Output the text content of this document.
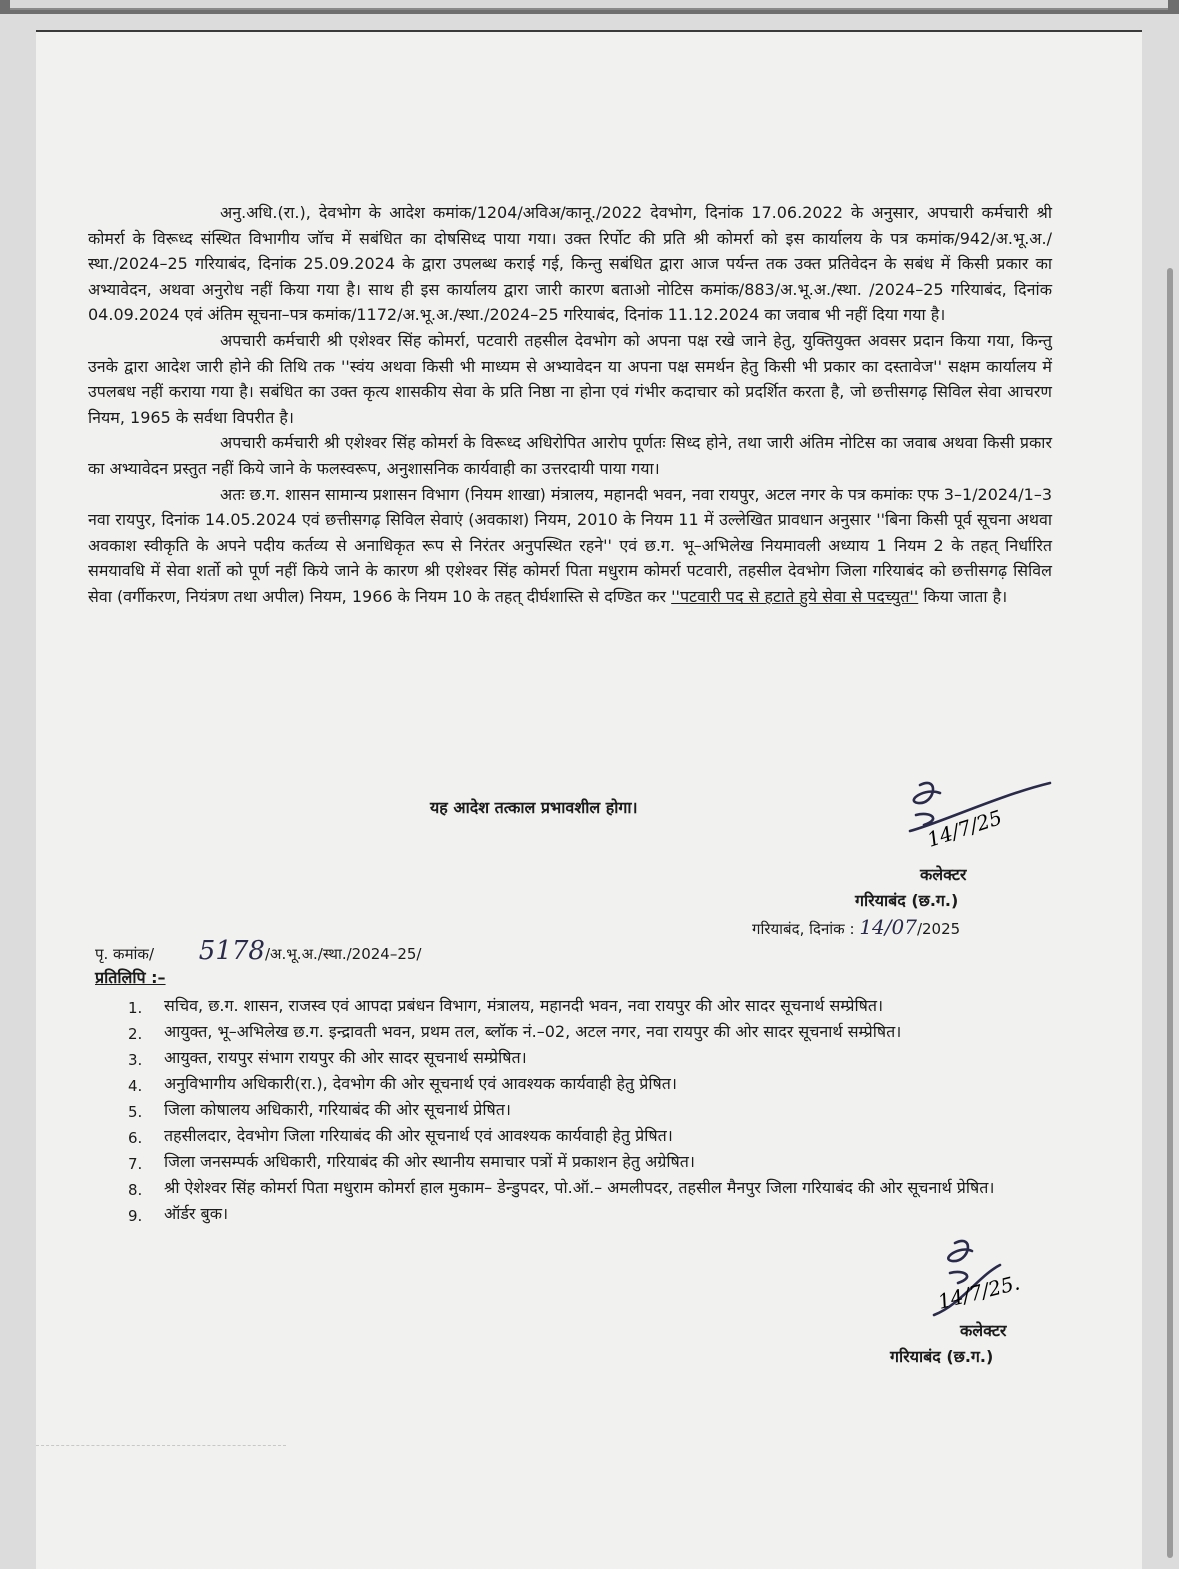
अनु.अधि.(रा.), देवभोग के आदेश कमांक/1204/अविअ/कानू./2022 देवभोग, दिनांक 17.06.2022 के अनुसार, अपचारी कर्मचारी श्री कोमर्रा के विरूध्द संस्थित विभागीय जॉच में सबंधित का दोषसिध्द पाया गया। उक्त रिर्पोट की प्रति श्री कोमर्रा को इस कार्यालय के पत्र कमांक/942/अ.भू.अ./स्था./2024–25 गरियाबंद, दिनांक 25.09.2024 के द्वारा उपलब्ध कराई गई, किन्तु सबंधित द्वारा आज पर्यन्त तक उक्त प्रतिवेदन के सबंध में किसी प्रकार का अभ्यावेदन, अथवा अनुरोध नहीं किया गया है। साथ ही इस कार्यालय द्वारा जारी कारण बताओ नोटिस कमांक/883/अ.भू.अ./स्था. /2024–25 गरियाबंद, दिनांक 04.09.2024 एवं अंतिम सूचना–पत्र कमांक/1172/अ.भू.अ./स्था./2024–25 गरियाबंद, दिनांक 11.12.2024 का जवाब भी नहीं दिया गया है।

अपचारी कर्मचारी श्री एशेश्वर सिंह कोमर्रा, पटवारी तहसील देवभोग को अपना पक्ष रखे जाने हेतु, युक्तियुक्त अवसर प्रदान किया गया, किन्तु उनके द्वारा आदेश जारी होने की तिथि तक ''स्वंय अथवा किसी भी माध्यम से अभ्यावेदन या अपना पक्ष समर्थन हेतु किसी भी प्रकार का दस्तावेज'' सक्षम कार्यालय में उपलबध नहीं कराया गया है। सबंधित का उक्त कृत्य शासकीय सेवा के प्रति निष्ठा ना होना एवं गंभीर कदाचार को प्रदर्शित करता है, जो छत्तीसगढ़ सिविल सेवा आचरण नियम, 1965 के सर्वथा विपरीत है।

अपचारी कर्मचारी श्री एशेश्वर सिंह कोमर्रा के विरूध्द अधिरोपित आरोप पूर्णतः सिध्द होने, तथा जारी अंतिम नोटिस का जवाब अथवा किसी प्रकार का अभ्यावेदन प्रस्तुत नहीं किये जाने के फलस्वरूप, अनुशासनिक कार्यवाही का उत्तरदायी पाया गया।

अतः छ.ग. शासन सामान्य प्रशासन विभाग (नियम शाखा) मंत्रालय, महानदी भवन, नवा रायपुर, अटल नगर के पत्र कमांकः एफ 3–1/2024/1–3 नवा रायपुर, दिनांक 14.05.2024 एवं छत्तीसगढ़ सिविल सेवाएं (अवकाश) नियम, 2010 के नियम 11 में उल्लेखित प्रावधान अनुसार ''बिना किसी पूर्व सूचना अथवा अवकाश स्वीकृति के अपने पदीय कर्तव्य से अनाधिकृत रूप से निरंतर अनुपस्थित रहने'' एवं छ.ग. भू–अभिलेख नियमावली अध्याय 1 नियम 2 के तहत् निर्धारित समयावधि में सेवा शर्तो को पूर्ण नहीं किये जाने के कारण श्री एशेश्वर सिंह कोमर्रा पिता मधुराम कोमर्रा पटवारी, तहसील देवभोग जिला गरियाबंद को छत्तीसगढ़ सिविल सेवा (वर्गीकरण, नियंत्रण तथा अपील) नियम, 1966 के नियम 10 के तहत् दीर्घशास्ति से दण्डित कर ''पटवारी पद से हटाते हुये सेवा से पदच्युत'' किया जाता है।

यह आदेश तत्काल प्रभावशील होगा।	14/7/25
कलेक्टर
गरियाबंद (छ.ग.)
गरियाबंद, दिनांक : 14/07/2025
पृ. कमांक/ 5178/अ.भू.अ./स्था./2024–25/
प्रतिलिपि :–
1. सचिव, छ.ग. शासन, राजस्व एवं आपदा प्रबंधन विभाग, मंत्रालय, महानदी भवन, नवा रायपुर की ओर सादर सूचनार्थ सम्प्रेषित।
2. आयुक्त, भू–अभिलेख छ.ग. इन्द्रावती भवन, प्रथम तल, ब्लॉक नं.–02, अटल नगर, नवा रायपुर की ओर सादर सूचनार्थ सम्प्रेषित।
3. आयुक्त, रायपुर संभाग रायपुर की ओर सादर सूचनार्थ सम्प्रेषित।
4. अनुविभागीय अधिकारी(रा.), देवभोग की ओर सूचनार्थ एवं आवश्यक कार्यवाही हेतु प्रेषित।
5. जिला कोषालय अधिकारी, गरियाबंद की ओर सूचनार्थ प्रेषित।
6. तहसीलदार, देवभोग जिला गरियाबंद की ओर सूचनार्थ एवं आवश्यक कार्यवाही हेतु प्रेषित।
7. जिला जनसम्पर्क अधिकारी, गरियाबंद की ओर स्थानीय समाचार पत्रों में प्रकाशन हेतु अग्रेषित।
8. श्री ऐशेश्वर सिंह कोमर्रा पिता मधुराम कोमर्रा हाल मुकाम– डेन्डुपदर, पो.ऑ.– अमलीपदर, तहसील मैनपुर जिला गरियाबंद की ओर सूचनार्थ प्रेषित।
9. ऑर्डर बुक।
14/7/25.
कलेक्टर
गरियाबंद (छ.ग.)
